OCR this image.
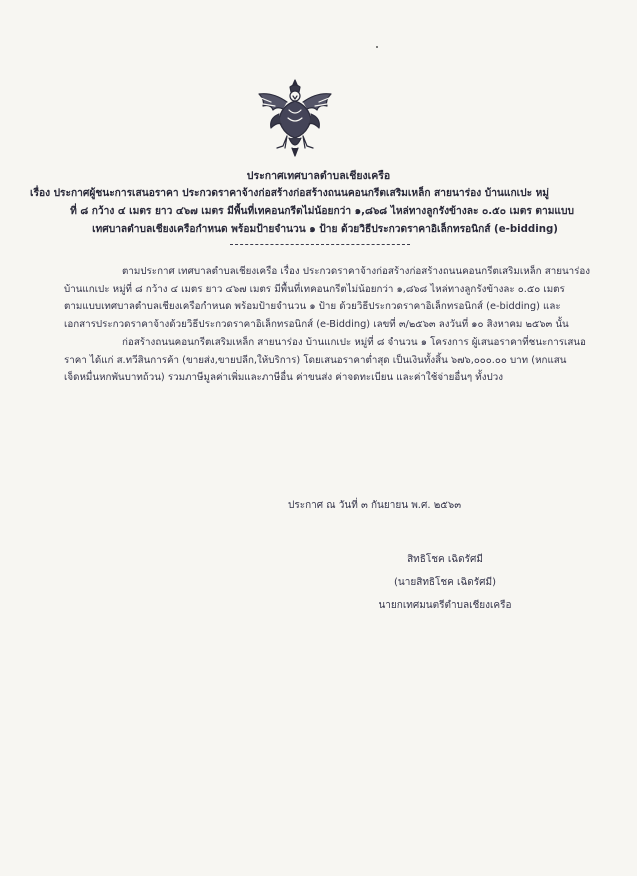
ประกาศเทศบาลตำบลเชียงเครือ
เรื่อง ประกาศผู้ชนะการเสนอราคา ประกวดราคาจ้างก่อสร้างก่อสร้างถนนคอนกรีตเสริมเหล็ก สายนาร่อง บ้านแกเปะ หมู่
ที่ ๘ กว้าง ๔ เมตร ยาว ๔๖๗ เมตร มีพื้นที่เทคอนกรีตไม่น้อยกว่า ๑,๘๖๘ ไหล่ทางลูกรังข้างละ ๐.๕๐ เมตร ตามแบบ
เทศบาลตำบลเชียงเครือกำหนด พร้อมป้ายจำนวน ๑ ป้าย ด้วยวิธีประกวดราคาอิเล็กทรอนิกส์ (e-bidding)
ตามประกาศ เทศบาลตำบลเชียงเครือ เรื่อง ประกวดราคาจ้างก่อสร้างก่อสร้างถนนคอนกรีตเสริมเหล็ก สายนาร่อง
บ้านแกเปะ หมู่ที่ ๘ กว้าง ๔ เมตร ยาว ๔๖๗ เมตร มีพื้นที่เทคอนกรีตไม่น้อยกว่า ๑,๘๖๘ ไหล่ทางลูกรังข้างละ ๐.๕๐ เมตร
ตามแบบเทศบาลตำบลเชียงเครือกำหนด พร้อมป้ายจำนวน ๑ ป้าย ด้วยวิธีประกวดราคาอิเล็กทรอนิกส์ (e-bidding) และ
เอกสารประกวดราคาจ้างด้วยวิธีประกวดราคาอิเล็กทรอนิกส์ (e-Bidding) เลขที่ ๓/๒๕๖๓ ลงวันที่ ๑๐ สิงหาคม ๒๕๖๓ นั้น
ก่อสร้างถนนคอนกรีตเสริมเหล็ก สายนาร่อง บ้านแกเปะ หมู่ที่ ๘ จำนวน ๑ โครงการ ผู้เสนอราคาที่ชนะการเสนอ
ราคา ได้แก่ ส.ทวีสินการค้า (ขายส่ง,ขายปลีก,ให้บริการ) โดยเสนอราคาต่ำสุด เป็นเงินทั้งสิ้น ๖๗๖,๐๐๐.๐๐ บาท (หกแสน
เจ็ดหมื่นหกพันบาทถ้วน) รวมภาษีมูลค่าเพิ่มและภาษีอื่น ค่าขนส่ง ค่าจดทะเบียน และค่าใช้จ่ายอื่นๆ ทั้งปวง
ประกาศ ณ วันที่ ๓ กันยายน พ.ศ. ๒๕๖๓
สิทธิโชค เฉิดรัศมี
(นายสิทธิโชค เฉิดรัศมี)
นายกเทศมนตรีตำบลเชียงเครือ
